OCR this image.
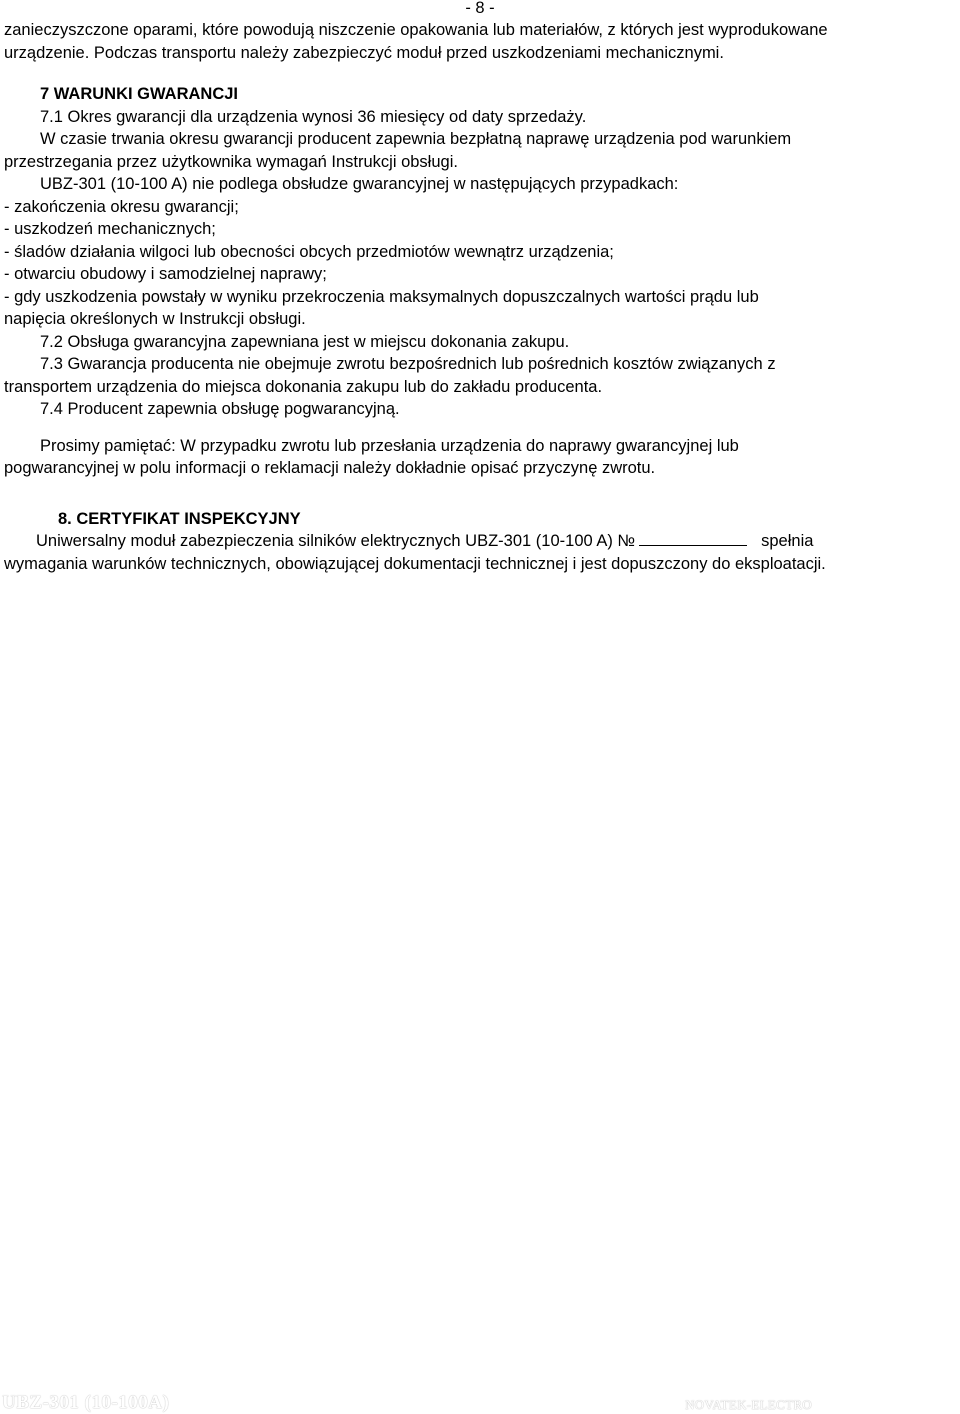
- 8 -

zanieczyszczone oparami, które powodują niszczenie opakowania lub materiałów, z których jest wyprodukowane

urządzenie. Podczas transportu należy zabezpieczyć moduł przed uszkodzeniami mechanicznymi.

7 WARUNKI GWARANCJI

7.1 Okres gwarancji dla urządzenia wynosi 36 miesięcy od daty sprzedaży.

W czasie trwania okresu gwarancji producent zapewnia bezpłatną naprawę urządzenia pod warunkiem

przestrzegania przez użytkownika wymagań Instrukcji obsługi.

UBZ-301 (10-100 A) nie podlega obsłudze gwarancyjnej w następujących przypadkach:

- zakończenia okresu gwarancji;

- uszkodzeń mechanicznych;

- śladów działania wilgoci lub obecności obcych przedmiotów wewnątrz urządzenia;

- otwarciu obudowy i samodzielnej naprawy;

- gdy uszkodzenia powstały w wyniku przekroczenia maksymalnych dopuszczalnych wartości prądu lub

napięcia określonych w Instrukcji obsługi.

7.2 Obsługa gwarancyjna zapewniana jest w miejscu dokonania zakupu.

7.3 Gwarancja producenta nie obejmuje zwrotu bezpośrednich lub pośrednich kosztów związanych z

transportem urządzenia do miejsca dokonania zakupu lub do zakładu producenta.

7.4 Producent zapewnia obsługę pogwarancyjną.

Prosimy pamiętać: W przypadku zwrotu lub przesłania urządzenia do naprawy gwarancyjnej lub

pogwarancyjnej w polu informacji o reklamacji należy dokładnie opisać przyczynę zwrotu.

8. CERTYFIKAT INSPEKCYJNY

Uniwersalny moduł zabezpieczenia silników elektrycznych UBZ-301 (10-100 A) №	spełnia

wymagania warunków technicznych, obowiązującej dokumentacji technicznej i jest dopuszczony do eksploatacji.

UBZ-301 (10-100A)	NOVATEK-ELECTRO
